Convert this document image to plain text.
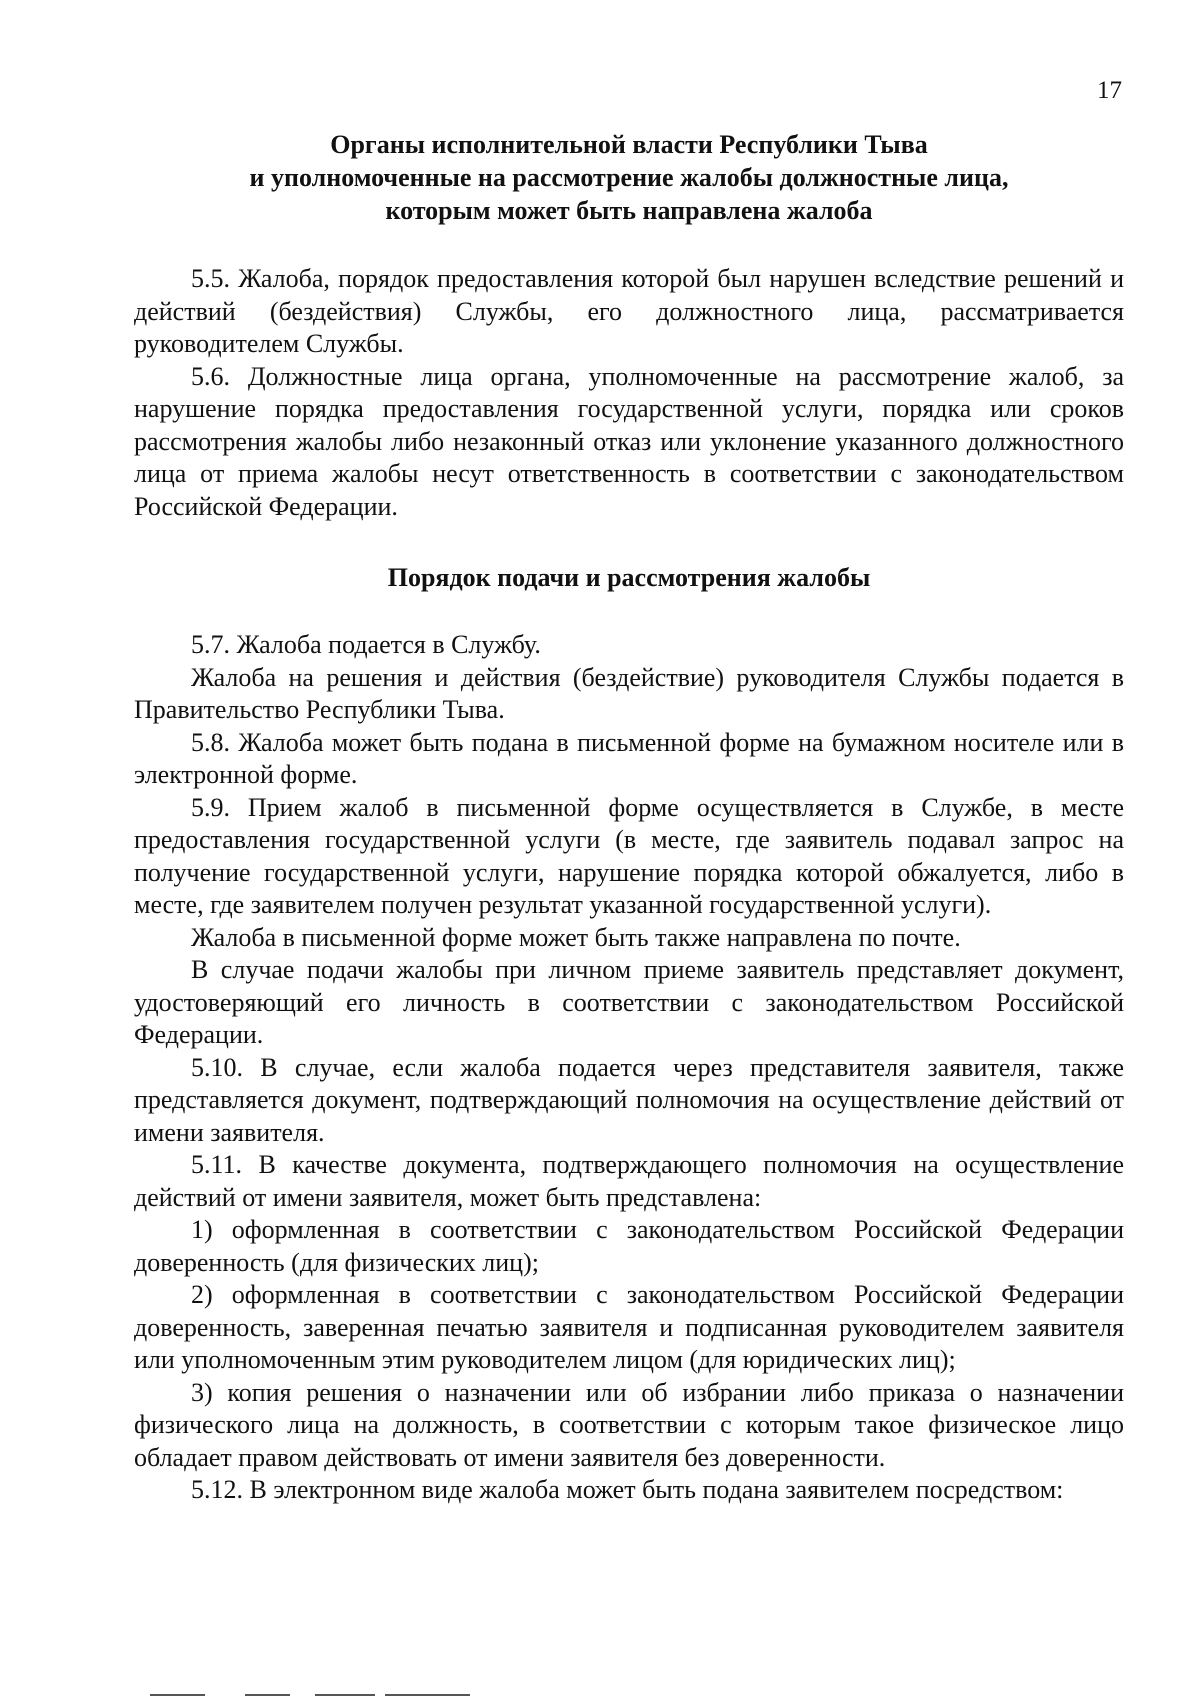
17
Органы исполнительной власти Республики Тыва
и уполномоченные на рассмотрение жалобы должностные лица,
которым может быть направлена жалоба

5.5. Жалоба, порядок предоставления которой был нарушен вследствие решений и действий (бездействия) Службы, его должностного лица, рассматривается руководителем Службы.

5.6. Должностные лица органа, уполномоченные на рассмотрение жалоб, за нарушение порядка предоставления государственной услуги, порядка или сроков рассмотрения жалобы либо незаконный отказ или уклонение указанного должностного лица от приема жалобы несут ответственность в соответствии с законодательством Российской Федерации.

Порядок подачи и рассмотрения жалобы

5.7. Жалоба подается в Службу.

Жалоба на решения и действия (бездействие) руководителя Службы подается в Правительство Республики Тыва.

5.8. Жалоба может быть подана в письменной форме на бумажном носителе или в электронной форме.

5.9. Прием жалоб в письменной форме осуществляется в Службе, в месте предоставления государственной услуги (в месте, где заявитель подавал запрос на получение государственной услуги, нарушение порядка которой обжалуется, либо в месте, где заявителем получен результат указанной государственной услуги).

Жалоба в письменной форме может быть также направлена по почте.

В случае подачи жалобы при личном приеме заявитель представляет документ, удостоверяющий его личность в соответствии с законодательством Российской Федерации.

5.10. В случае, если жалоба подается через представителя заявителя, также представляется документ, подтверждающий полномочия на осуществление действий от имени заявителя.

5.11. В качестве документа, подтверждающего полномочия на осуществление действий от имени заявителя, может быть представлена:

1) оформленная в соответствии с законодательством Российской Федерации доверенность (для физических лиц);

2) оформленная в соответствии с законодательством Российской Федерации доверенность, заверенная печатью заявителя и подписанная руководителем заявителя или уполномоченным этим руководителем лицом (для юридических лиц);

3) копия решения о назначении или об избрании либо приказа о назначении физического лица на должность, в соответствии с которым такое физическое лицо обладает правом действовать от имени заявителя без доверенности.

5.12. В электронном виде жалоба может быть подана заявителем посредством:
